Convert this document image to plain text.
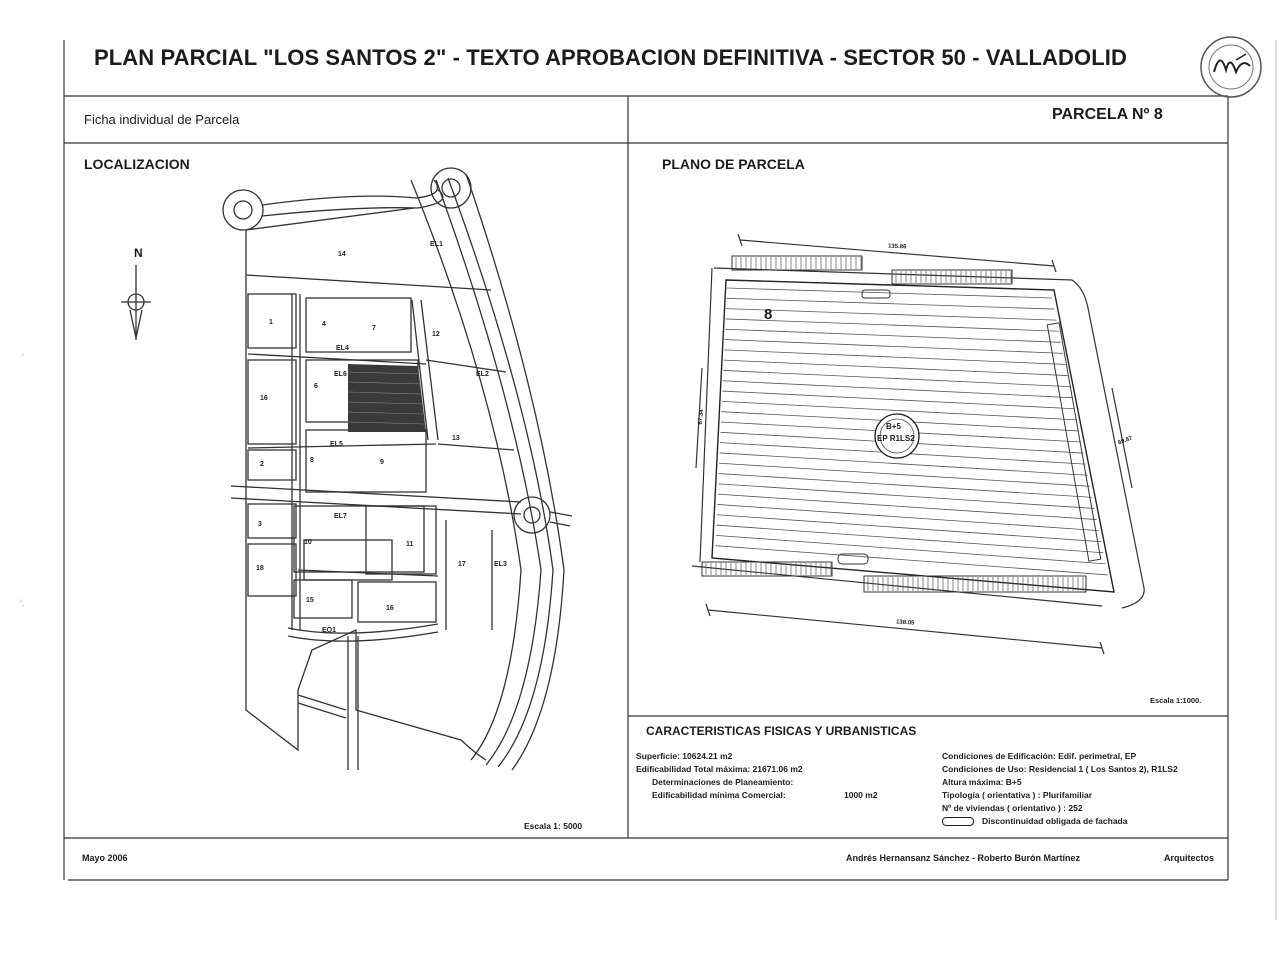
PLAN PARCIAL "LOS SANTOS 2" - TEXTO APROBACION DEFINITIVA - SECTOR 50 - VALLADOLID
Ficha individual de Parcela	PARCELA Nº 8
LOCALIZACION	PLANO DE PARCELA
14
1	4
7
12
EL1
EL4
EL2
16
6
EL6
13
2
EL5
8	9
3
EL7
10	11
17	EL3
18
15
16
EQ1
N
Escala 1: 5000
8
B+5
EP R1LS2
135.86
138.05
67.34
69.87
Escala 1:1000.
CARACTERISTICAS FISICAS Y URBANISTICAS
Superficie: 10624.21 m2
Edificabilidad Total máxima: 21671.06 m2
Determinaciones de Planeamiento:
Edificabilidad mínima Comercial:	1000 m2
Condiciones de Edificación: Edif. perimetral, EP
Condiciones de Uso: Residencial 1 ( Los Santos 2), R1LS2
Altura máxima: B+5
Tipología ( orientativa ) : Plurifamiliar
Nº de viviendas ( orientativo ) : 252
Discontinuidad obligada de fachada
Mayo 2006	Andrés Hernansanz Sánchez - Roberto Burón Martínez	Arquitectos
‘
‘.
